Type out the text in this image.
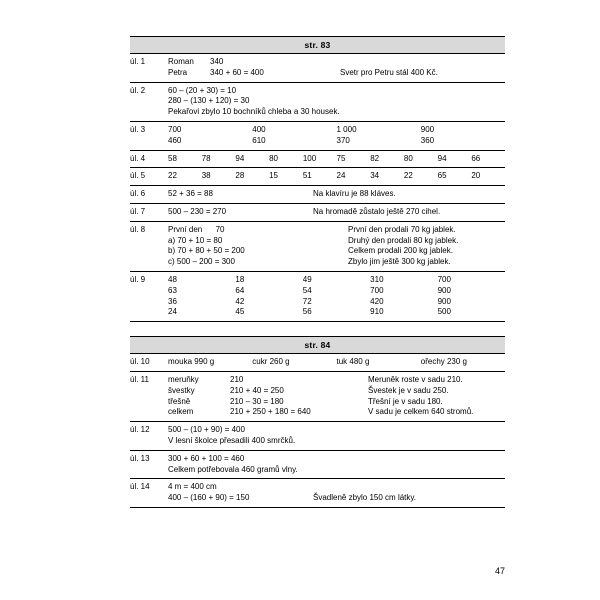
str. 83
úl. 1	Roman 340
Petra 340 + 60 = 400 Svetr pro Petru stál 400 Kč.

úl. 2	60 – (20 + 30) = 10
280 – (130 + 120) = 30
Pekařovi zbylo 10 bochníků chleba a 30 housek.

úl. 3	700	400	1 000	900
460	610	370	360

úl. 4	58	78	94	80	100	75	82	80	94	66

úl. 5	22	38	28	15	51	24	34	22	65	20

úl. 6	52 + 36 = 88 Na klavíru je 88 kláves.

úl. 7	500 – 230 = 270 Na hromadě zůstalo ještě 270 cihel.

úl. 8	První den      70
a) 70 + 10 = 80
b) 70 + 80 + 50 = 200
c) 500 – 200 = 300
První den prodali 70 kg jablek.
Druhý den prodali 80 kg jablek.
Celkem prodali 200 kg jablek.
Zbylo jim ještě 300 kg jablek.

úl. 9	48	18	49	310	700
63	64	54	700	900
36	42	72	420	900
24	45	56	910	500
str. 84
úl. 10	mouka 990 g cukr 260 g tuk 480 g ořechy 230 g

úl. 11	meruňky	210
švestky	210 + 40 = 250
třešně	210 – 30 = 180
celkem	210 + 250 + 180 = 640
Meruněk roste v sadu 210.
Švestek je v sadu 250.
Třešní je v sadu 180.
V sadu je celkem 640 stromů.

úl. 12	500 – (10 + 90) = 400
V lesní školce přesadili 400 smrčků.

úl. 13	300 + 60 + 100 = 460
Celkem potřebovala 460 gramů vlny.

úl. 14	4 m = 400 cm
400 – (160 + 90) = 150 Švadleně zbylo 150 cm látky.
47
